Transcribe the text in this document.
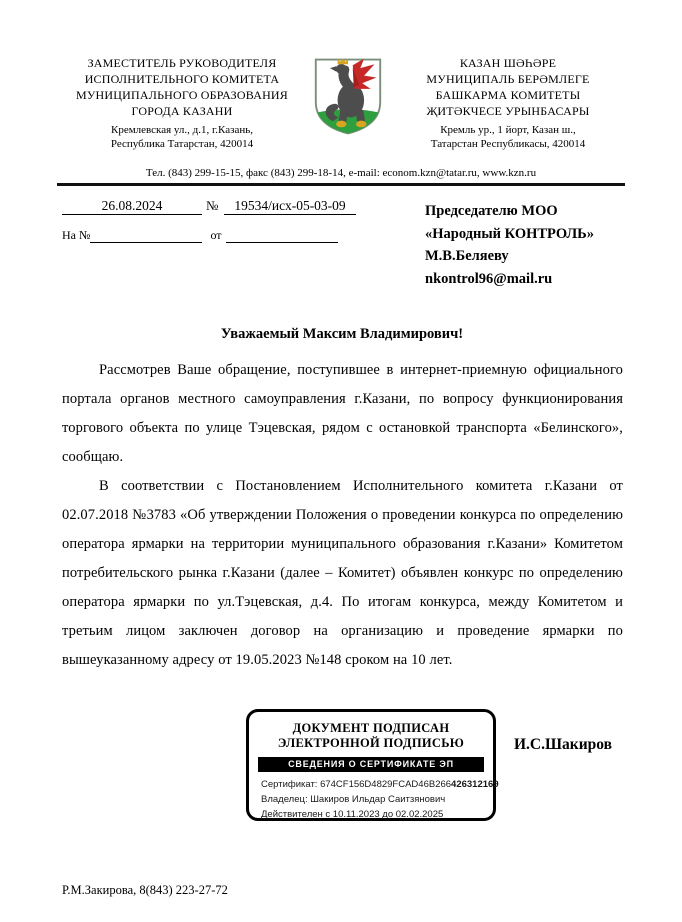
ЗАМЕСТИТЕЛЬ РУКОВОДИТЕЛЯ
ИСПОЛНИТЕЛЬНОГО КОМИТЕТА
МУНИЦИПАЛЬНОГО ОБРАЗОВАНИЯ
ГОРОДА КАЗАНИ
Кремлевская ул., д.1, г.Казань,
Республика Татарстан, 420014
КАЗАН ШӘҺӘРЕ
МУНИЦИПАЛЬ БЕРӘМЛЕГЕ
БАШКАРМА КОМИТЕТЫ
ҖИТӘКЧЕСЕ УРЫНБАСАРЫ
Кремль ур., 1 йорт, Казан ш.,
Татарстан Республикасы, 420014
Тел. (843) 299-15-15, факс (843) 299-18-14, e-mail: econom.kzn@tatar.ru, www.kzn.ru
26.08.2024	№ 19534/исх-05-03-09
На №	от
Председателю МОО
«Народный КОНТРОЛЬ»
М.В.Беляеву
nkontrol96@mail.ru
Уважаемый Максим Владимирович!

Рассмотрев Ваше обращение, поступившее в интернет-приемную официального портала органов местного самоуправления г.Казани, по вопросу функционирования торгового объекта по улице Тэцевская, рядом с остановкой транспорта «Белинского», сообщаю.

В соответствии с Постановлением Исполнительного комитета г.Казани от 02.07.2018 №3783 «Об утверждении Положения о проведении конкурса по определению оператора ярмарки на территории муниципального образования г.Казани» Комитетом потребительского рынка г.Казани (далее – Комитет) объявлен конкурс по определению оператора ярмарки по ул.Тэцевская, д.4. По итогам конкурса, между Комитетом и третьим лицом заключен договор на организацию и проведение ярмарки по вышеуказанному адресу от 19.05.2023 №148 сроком на 10 лет.

ДОКУМЕНТ ПОДПИСАН
ЭЛЕКТРОННОЙ ПОДПИСЬЮ
СВЕДЕНИЯ О СЕРТИФИКАТЕ ЭП
Сертификат: 674CF156D4829FCAD46B266426312169
Владелец: Шакиров Ильдар Саитзянович
Действителен с 10.11.2023 до 02.02.2025
И.С.Шакиров
Р.М.Закирова, 8(843) 223-27-72
